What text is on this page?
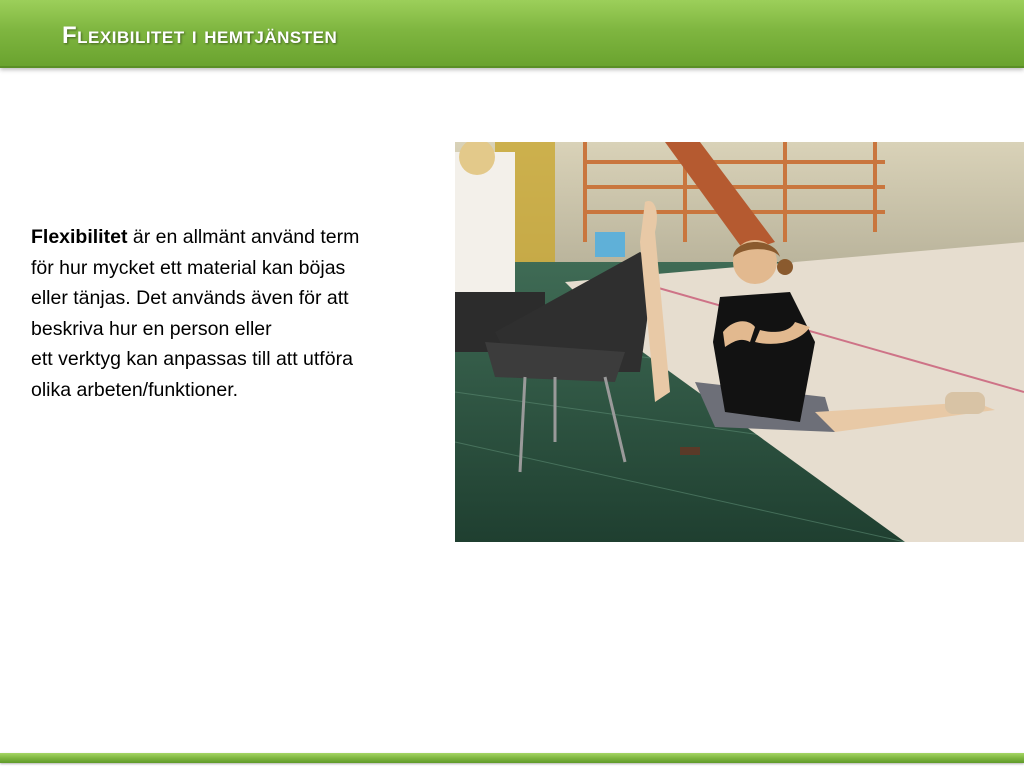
Flexibilitet i hemtjänsten
Flexibilitet är en allmänt använd term
för hur mycket ett material kan böjas
eller tänjas. Det används även för att
beskriva hur en person eller
ett verktyg kan anpassas till att utföra
olika arbeten/funktioner.
